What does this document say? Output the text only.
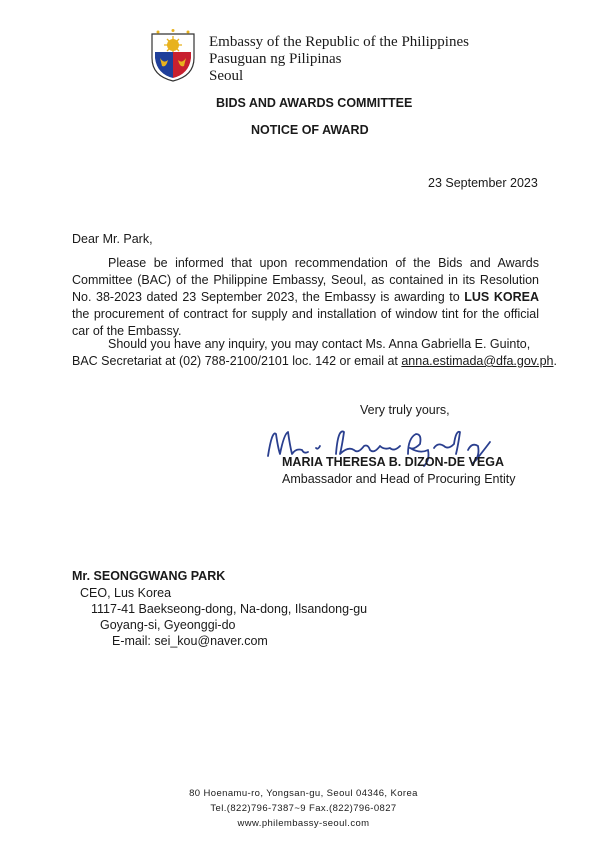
Embassy of the Republic of the Philippines
Pasuguan ng Pilipinas
Seoul
BIDS AND AWARDS COMMITTEE
NOTICE OF AWARD
23 September 2023
Dear Mr. Park,
Please be informed that upon recommendation of the Bids and Awards Committee (BAC) of the Philippine Embassy, Seoul, as contained in its Resolution No. 38-2023 dated 23 September 2023, the Embassy is awarding to LUS KOREA the procurement of contract for supply and installation of window tint for the official car of the Embassy.
Should you have any inquiry, you may contact Ms. Anna Gabriella E. Guinto,
BAC Secretariat at (02) 788-2100/2101 loc. 142 or email at anna.estimada@dfa.gov.ph.
Very truly yours,
MARIA THERESA B. DIZON-DE VEGA
Ambassador and Head of Procuring Entity
Mr. SEONGGWANG PARK
CEO, Lus Korea
1117-41 Baekseong-dong, Na-dong, Ilsandong-gu
Goyang-si, Gyeonggi-do
E-mail: sei_kou@naver.com
80 Hoenamu-ro, Yongsan-gu, Seoul 04346, Korea
Tel.(822)796-7387~9 Fax.(822)796-0827
www.philembassy-seoul.com
